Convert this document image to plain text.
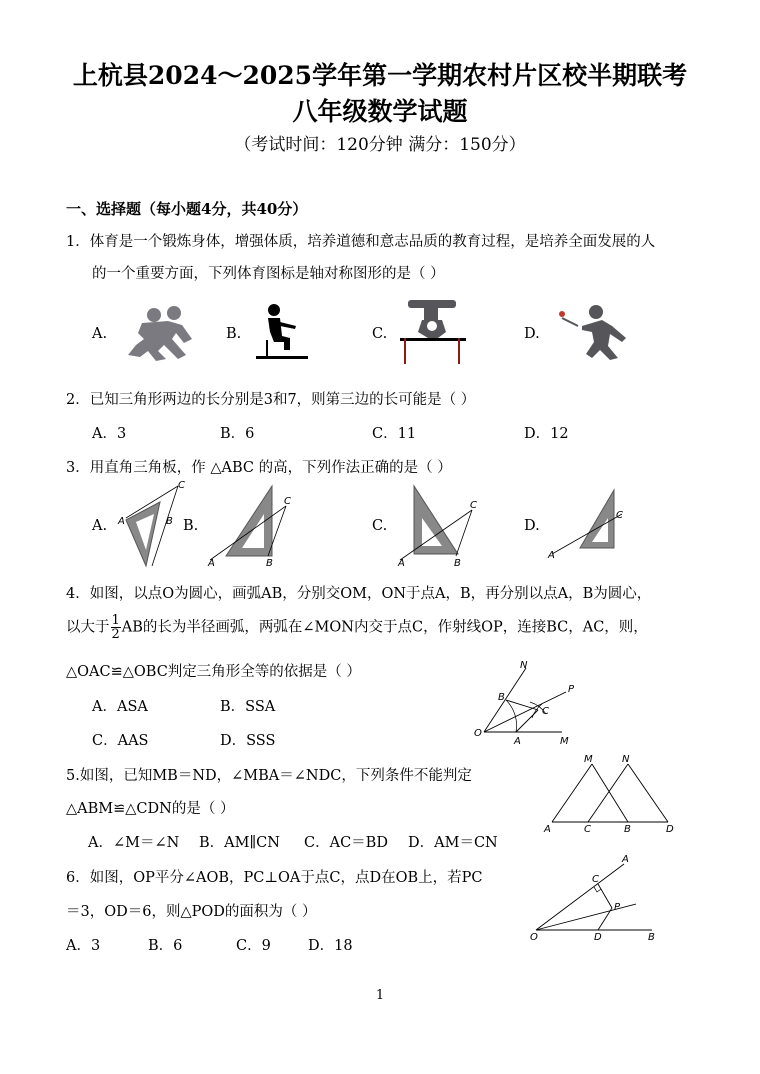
上杭县2024～2025学年第一学期农村片区校半期联考
八年级数学试题
（考试时间：120分钟 满分：150分）
一、选择题（每小题4分，共40分）
1．体育是一个锻炼身体，增强体质，培养道德和意志品质的教育过程，是培养全面发展的人
的一个重要方面，下列体育图标是轴对称图形的是（ ）
A.	B.	C.	D.
2．已知三角形两边的长分别是3和7，则第三边的长可能是（ ）
A．3	B．6	C．11	D．12
3．用直角三角板，作 △ABC 的高，下列作法正确的是（ ）
A.	B.	C.	D.
C
B
A
C
A	B
C
A	B
C
A
4．如图，以点O为圆心，画弧AB，分别交OM，ON于点A，B，再分别以点A，B为圆心，
以大于 $\frac{1}{2}$ AB的长为半径画弧，两弧在∠MON内交于点C，作射线OP，连接BC，AC，则，
△OAC≌△OBC判定三角形全等的依据是（ ）
A．ASA	B．SSA
C．AAS	D．SSS
N
P
B
C
O
A	M
5.如图，已知MB＝ND，∠MBA＝∠NDC，下列条件不能判定
△ABM≌△CDN的是（ ）
A．∠M＝∠N B．AM∥CN C．AC＝BD D．AM＝CN
M	N
A	C	B	D
6．如图，OP平分∠AOB，PC⊥OA于点C，点D在OB上，若PC
＝3，OD＝6，则△POD的面积为（ ）
A．3	B．6	C．9	D．18
A
C
P
O	D	B
1
